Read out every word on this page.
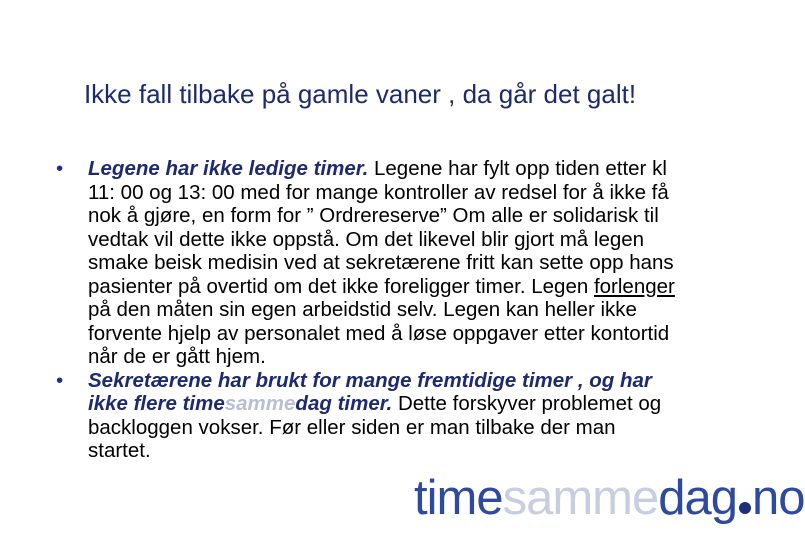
Ikke fall tilbake på gamle vaner , da går det galt!
timesammedag no

•	Legene har ikke ledige timer. Legene har fylt opp tiden etter kl 11: 00 og 13: 00 med for mange kontroller av redsel for å ikke få nok å gjøre, en form for ” Ordrereserve” Om alle er solidarisk til vedtak vil dette ikke oppstå. Om det likevel blir gjort må legen smake beisk medisin ved at sekretærene fritt kan sette opp hans pasienter på overtid om det ikke foreligger timer. Legen forlenger på den måten sin egen arbeidstid selv. Legen kan heller ikke forvente hjelp av personalet med å løse oppgaver etter kontortid når de er gått hjem.

•	Sekretærene har brukt for mange fremtidige timer , og har ikke flere timesammedag timer. Dette forskyver problemet og backloggen vokser. Før eller siden er man tilbake der man startet.
